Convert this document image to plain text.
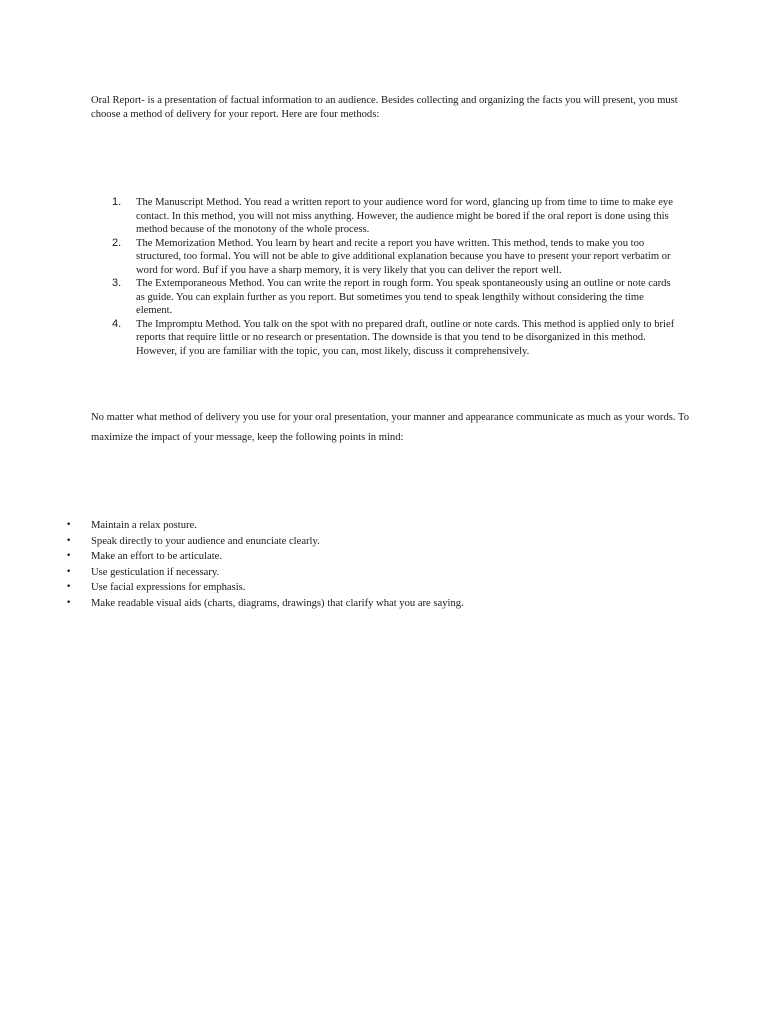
Oral Report- is a presentation of factual information to an audience. Besides collecting and organizing the facts you will present, you must choose a method of delivery for your report. Here are four methods:

1. The Manuscript Method. You read a written report to your audience word for word, glancing up from time to time to make eye contact. In this method, you will not miss anything. However, the audience might be bored if the oral report is done using this method because of the monotony of the whole process.
2. The Memorization Method. You learn by heart and recite a report you have written. This method, tends to make you too structured, too formal. You will not be able to give additional explanation because you have to present your report verbatim or word for word. Buf if you have a sharp memory, it is very likely that you can deliver the report well.
3. The Extemporaneous Method. You can write the report in rough form. You speak spontaneously using an outline or note cards as guide. You can explain further as you report. But sometimes you tend to speak lengthily without considering the time element.
4. The Impromptu Method. You talk on the spot with no prepared draft, outline or note cards. This method is applied only to brief reports that require little or no research or presentation. The downside is that you tend to be disorganized in this method. However, if you are familiar with the topic, you can, most likely, discuss it comprehensively.

No matter what method of delivery you use for your oral presentation, your manner and appearance communicate as much as your words. To maximize the impact of your message, keep the following points in mind:

• Maintain a relax posture.
• Speak directly to your audience and enunciate clearly.
• Make an effort to be articulate.
• Use gesticulation if necessary.
• Use facial expressions for emphasis.
• Make readable visual aids (charts, diagrams, drawings) that clarify what you are saying.
